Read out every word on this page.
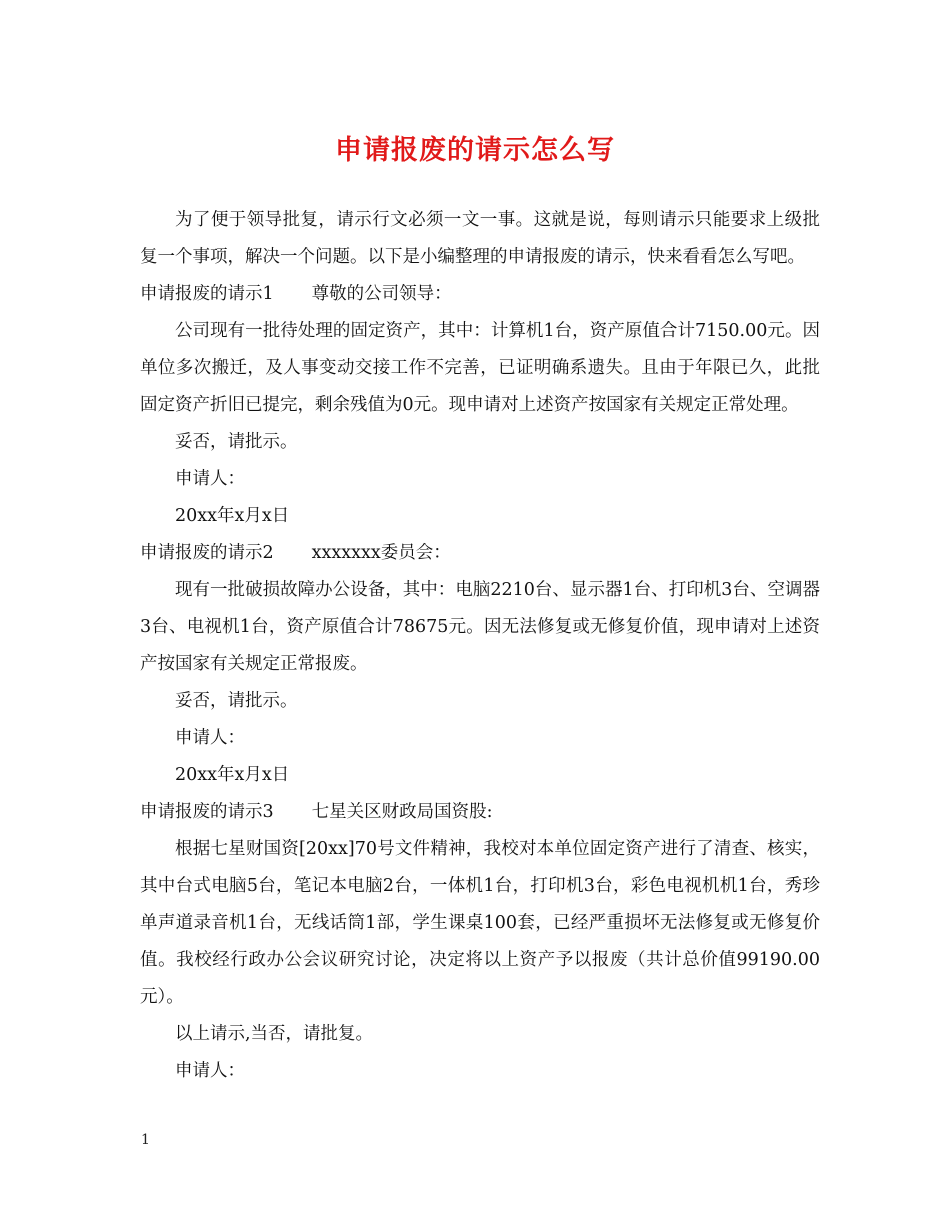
申请报废的请示怎么写

为了便于领导批复，请示行文必须一文一事。这就是说，每则请示只能要求上级批复一个事项，解决一个问题。以下是小编整理的申请报废的请示，快来看看怎么写吧。

申请报废的请示1 尊敬的公司领导：

公司现有一批待处理的固定资产，其中：计算机1台，资产原值合计7150.00元。因单位多次搬迁，及人事变动交接工作不完善，已证明确系遗失。且由于年限已久，此批固定资产折旧已提完，剩余残值为0元。现申请对上述资产按国家有关规定正常处理。

妥否，请批示。

申请人：

20xx年x月x日

申请报废的请示2 xxxxxxx委员会：

现有一批破损故障办公设备，其中：电脑2210台、显示器1台、打印机3台、空调器3台、电视机1台，资产原值合计78675元。因无法修复或无修复价值，现申请对上述资产按国家有关规定正常报废。

妥否，请批示。

申请人：

20xx年x月x日

申请报废的请示3 七星关区财政局国资股:

根据七星财国资[20xx]70号文件精神，我校对本单位固定资产进行了清查、核实，其中台式电脑5台，笔记本电脑2台，一体机1台，打印机3台，彩色电视机机1台，秀珍单声道录音机1台，无线话筒1部，学生课桌100套，已经严重损坏无法修复或无修复价值。我校经行政办公会议研究讨论，决定将以上资产予以报废（共计总价值99190.00元）。

以上请示,当否，请批复。

申请人：

1
